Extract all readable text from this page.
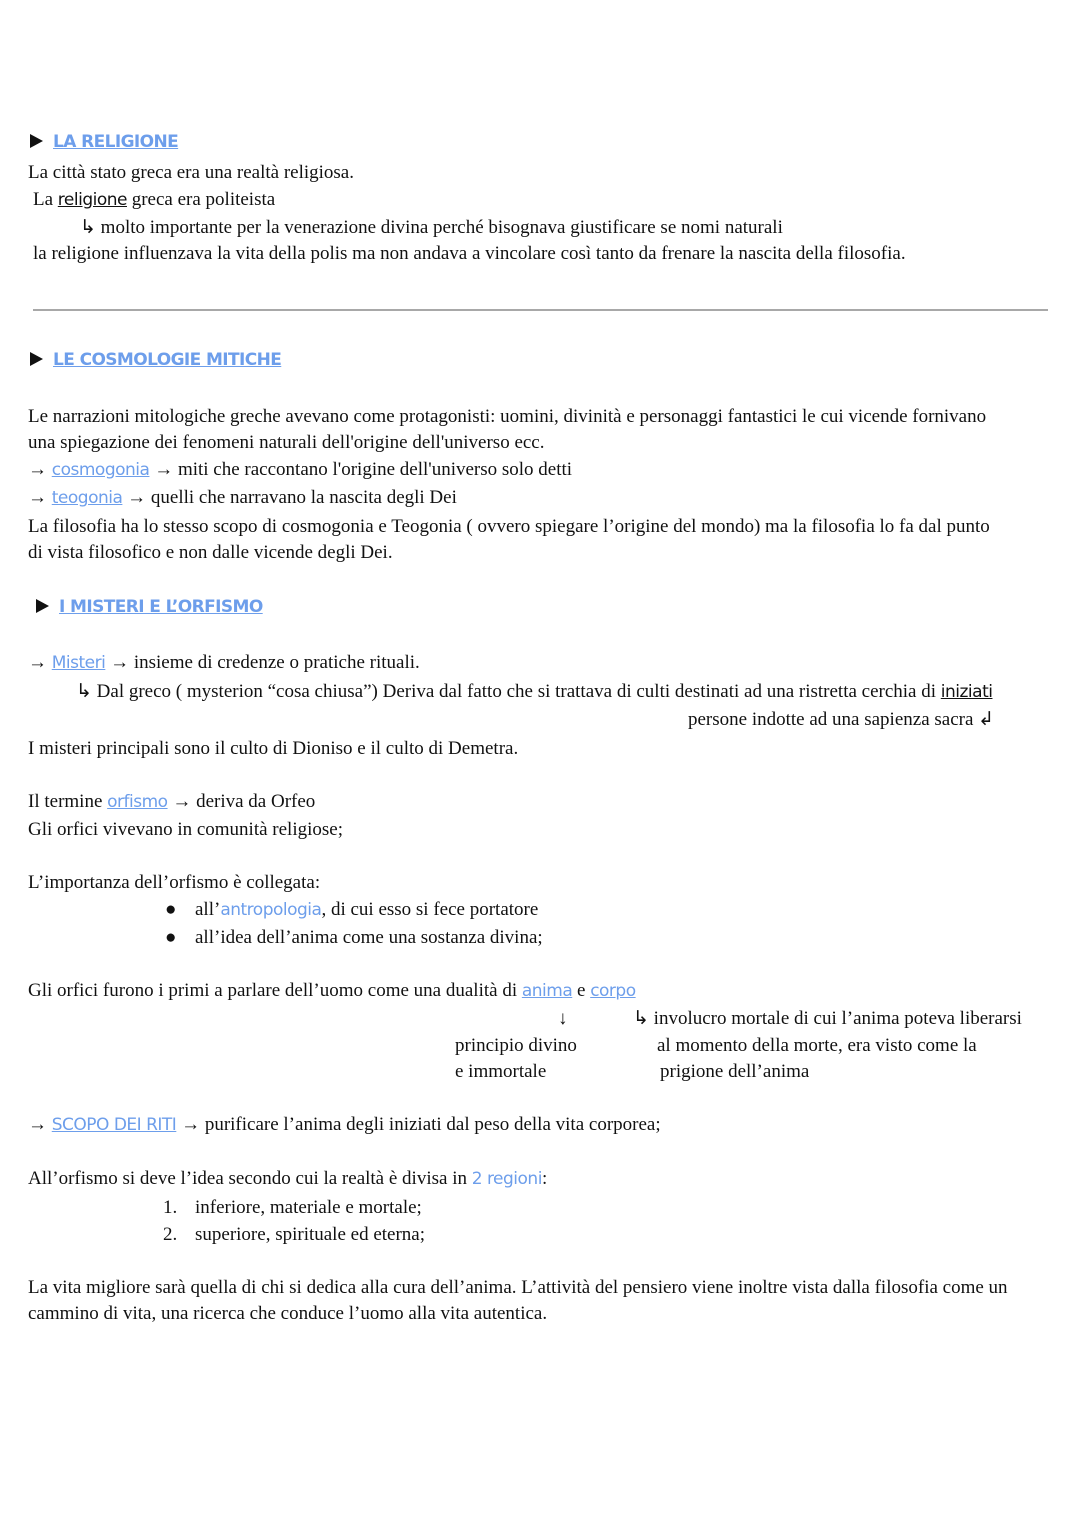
LA RELIGIONE
La città stato greca era una realtà religiosa.
La religione greca era politeista
↳ molto importante per la venerazione divina perché bisognava giustificare se nomi naturali
la religione influenzava la vita della polis ma non andava a vincolare così tanto da frenare la nascita della filosofia.
LE COSMOLOGIE MITICHE
Le narrazioni mitologiche greche avevano come protagonisti: uomini, divinità e personaggi fantastici le cui vicende fornivano
una spiegazione dei fenomeni naturali dell'origine dell'universo ecc.
→ cosmogonia → miti che raccontano l'origine dell'universo solo detti
→ teogonia → quelli che narravano la nascita degli Dei
La filosofia ha lo stesso scopo di cosmogonia e Teogonia ( ovvero spiegare l’origine del mondo) ma la filosofia lo fa dal punto
di vista filosofico e non dalle vicende degli Dei.
I MISTERI E L’ORFISMO
→ Misteri → insieme di credenze o pratiche rituali.
↳ Dal greco ( mysterion “cosa chiusa”) Deriva dal fatto che si trattava di culti destinati ad una ristretta cerchia di iniziati
persone indotte ad una sapienza sacra ↲
I misteri principali sono il culto di Dioniso e il culto di Demetra.
Il termine orfismo → deriva da Orfeo
Gli orfici vivevano in comunità religiose;
L’importanza dell’orfismo è collegata:
● all’antropologia, di cui esso si fece portatore
● all’idea dell’anima come una sostanza divina;
Gli orfici furono i primi a parlare dell’uomo come una dualità di anima e corpo
↓	↳ involucro mortale di cui l’anima poteva liberarsi
principio divino	al momento della morte, era visto come la
e immortale	prigione dell’anima
→ SCOPO DEI RITI → purificare l’anima degli iniziati dal peso della vita corporea;
All’orfismo si deve l’idea secondo cui la realtà è divisa in 2 regioni:
1. inferiore, materiale e mortale;
2. superiore, spirituale ed eterna;
La vita migliore sarà quella di chi si dedica alla cura dell’anima. L’attività del pensiero viene inoltre vista dalla filosofia come un
cammino di vita, una ricerca che conduce l’uomo alla vita autentica.
